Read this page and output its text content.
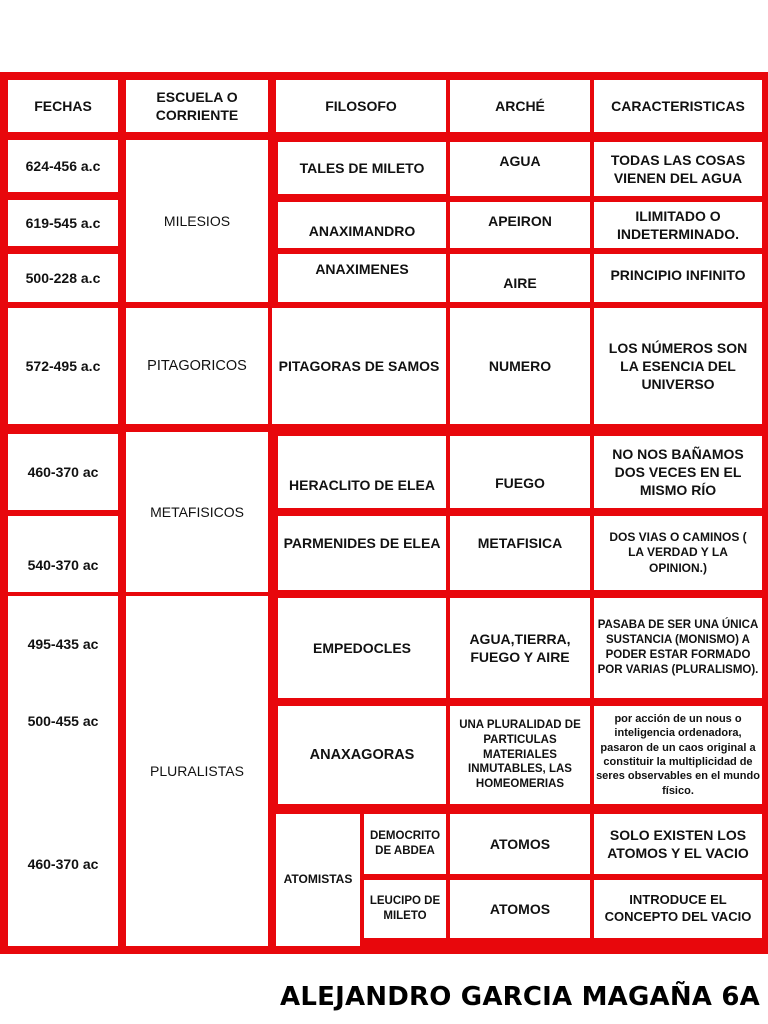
FECHAS
ESCUELA O CORRIENTE
FILOSOFO	ARCHÉ	CARACTERISTICAS
624-456 a.c
619-545 a.c
500-228 a.c
572-495 a.c
460-370 ac
540-370 ac
495-435 ac
500-455 ac
460-370 ac
MILESIOS
PITAGORICOS
METAFISICOS
PLURALISTAS
TALES DE MILETO
ANAXIMANDRO
ANAXIMENES
PITAGORAS DE SAMOS
HERACLITO DE ELEA
PARMENIDES DE ELEA
EMPEDOCLES
ANAXAGORAS
ATOMISTAS
DEMOCRITO DE ABDEA
LEUCIPO DE MILETO
AGUA
APEIRON
AIRE
NUMERO
FUEGO
METAFISICA
AGUA,TIERRA, FUEGO Y AIRE
UNA PLURALIDAD DE PARTICULAS MATERIALES INMUTABLES, LAS HOMEOMERIAS
ATOMOS
ATOMOS
TODAS LAS COSAS VIENEN DEL AGUA
ILIMITADO O INDETERMINADO.
PRINCIPIO INFINITO
LOS NÚMEROS SON LA ESENCIA DEL UNIVERSO
NO NOS BAÑAMOS DOS VECES EN EL MISMO RÍO
DOS VIAS O CAMINOS ( LA VERDAD Y LA OPINION.)
PASABA DE SER UNA ÚNICA SUSTANCIA (MONISMO) A PODER ESTAR FORMADO POR VARIAS (PLURALISMO).
por acción de un nous o inteligencia ordenadora, pasaron de un caos original a constituir la multiplicidad de seres observables en el mundo físico.
SOLO EXISTEN LOS ATOMOS Y EL VACIO
INTRODUCE EL CONCEPTO DEL VACIO
ALEJANDRO GARCIA MAGAÑA 6A
